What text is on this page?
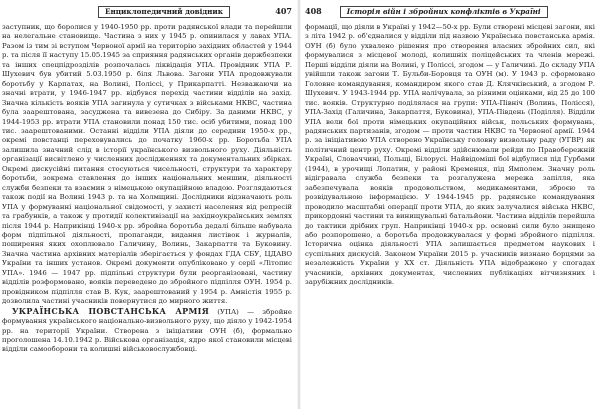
Енциклопедичний довідник	407

заступник, що боролися у 1940-1950 рр. проти радянської влади та перейшли на нелегальне становище. Частина з них у 1945 р. опинилася у лавах УПА. Разом із тим зі вступом Червоної армії на територію західних областей у 1944 р. та після її наступу 15.05.1945 за сприяння радянських органів держбезпеки та інших спецпідрозділів розпочалась ліквідація УПА. Провідник УПА Р. Шухевич був убитий 5.03.1950 р. біля Львова. Загони УПА продовжували боротьбу у Карпатах, на Волині, Поліссі, у Прикарпатті. Незважаючи на значні втрати, у 1946-1947 рр. відбувся перехід частини відділів на захід. Значна кількість вояків УПА загинула у сутичках з військами НКВС, частина була заарештована, засуджена та вивезена до Сибіру. За даними НКВС, у 1944-1953 рр. втрати УПА становили понад 150 тис. осіб убитими, понад 100 тис. заарештованими. Останні відділи УПА діяли до середини 1950-х рр., окремі повстанці переховувались до початку 1960-х рр. Боротьба УПА залишила значний слід в історії українського визвольного руху. Діяльність організації висвітлено у численних дослідженнях та документальних збірках. Окремі дискусійні питання стосуються чисельності, структури та характеру боротьби, зокрема ставлення до інших національних меншин, діяльності служби безпеки та взаємин з німецькою окупаційною владою. Розглядаються також події на Волині 1943 р. та на Холмщині. Дослідники відзначають роль УПА у формуванні національної свідомості, у захисті населення від репресій та грабунків, а також у протидії колективізації на західноукраїнських землях після 1944 р. Наприкінці 1940-х рр. збройна боротьба дедалі більше набувала форм підпільної діяльності, пропаганди, видання листівок і журналів, поширення яких охоплювало Галичину, Волинь, Закарпаття та Буковину. Значна частина архівних матеріалів зберігається у фондах ГДА СБУ, ЦДАВО України та інших установ. Окремі документи опубліковано у серії «Літопис УПА». 1946 — 1947 рр. підпільні структури були реорганізовані, частину відділів розформовано, вояків переведено до збройного підпілля ОУН. 1954 р. провідником підпілля став В. Кук, заарештований у 1954 р. Амністія 1955 р. дозволила частині учасників повернутися до мирного життя.

УКРАЇНСЬКА ПОВСТАНСЬКА АРМІЯ (УПА) — збройне формування українського національно-визвольного руху, що діяло у 1942-1954 рр. на території України. Створена з ініціативи ОУН (б), формально проголошена 14.10.1942 р. Військова організація, ядро якої становили місцеві відділи самооборони та колишні військовослужбовці.

408	Історія війн і збройних конфліктів в Україні

формації, що діяли в Україні у 1942—50-х рр. Були створені місцеві загони, які з літа 1942 р. об'єдналися у відділи під назвою Українська повстанська армія. ОУН (б) було ухвалено рішення про створення власних збройних сил, які формувалися з місцевої молоді, колишніх поліцейських та членів мережі. Перші відділи діяли на Волині, у Поліссі, згодом — у Галичині. До складу УПА увійшли також загони Т. Бульби-Боровця та ОУН (м). У 1943 р. сформовано Головне командування, командиром якого став Д. Клячківський, а згодом Р. Шухевич. У 1943-1944 рр. УПА налічувала, за різними оцінками, від 25 до 100 тис. вояків. Структурно поділялася на групи: УПА-Північ (Волинь, Полісся), УПА-Захід (Галичина, Закарпаття, Буковина), УПА-Південь (Поділля). Відділи УПА вели бої проти німецьких окупаційних військ, польських формувань, радянських партизанів, згодом — проти частин НКВС та Червоної армії. 1944 р. за ініціативою УПА створено Українську головну визвольну раду (УГВР) як політичний центр руху. Окремі відділи здійснювали рейди по Правобережній Україні, Словаччині, Польщі, Білорусі. Найвідоміші бої відбулися під Гурбами (1944), в урочищі Лопатин, у районі Кременця, під Ямполем. Значну роль відігравала служба безпеки та розгалужена мережа запілля, яка забезпечувала вояків продовольством, медикаментами, зброєю та розвідувальною інформацією. У 1944-1945 рр. радянське командування проводило масштабні операції проти УПА, до яких залучалися війська НКВС, прикордонні частини та винищувальні батальйони. Частина відділів перейшла до тактики дрібних груп. Наприкінці 1940-х рр. основні сили було знищено або розпорошено, а боротьба продовжувалася у формі збройного підпілля. Історична оцінка діяльності УПА залишається предметом наукових і суспільних дискусій. Законом України 2015 р. учасників визнано борцями за незалежність України у ХХ ст. Діяльність УПА відображено у спогадах учасників, архівних документах, численних публікаціях вітчизняних і зарубіжних дослідників.
